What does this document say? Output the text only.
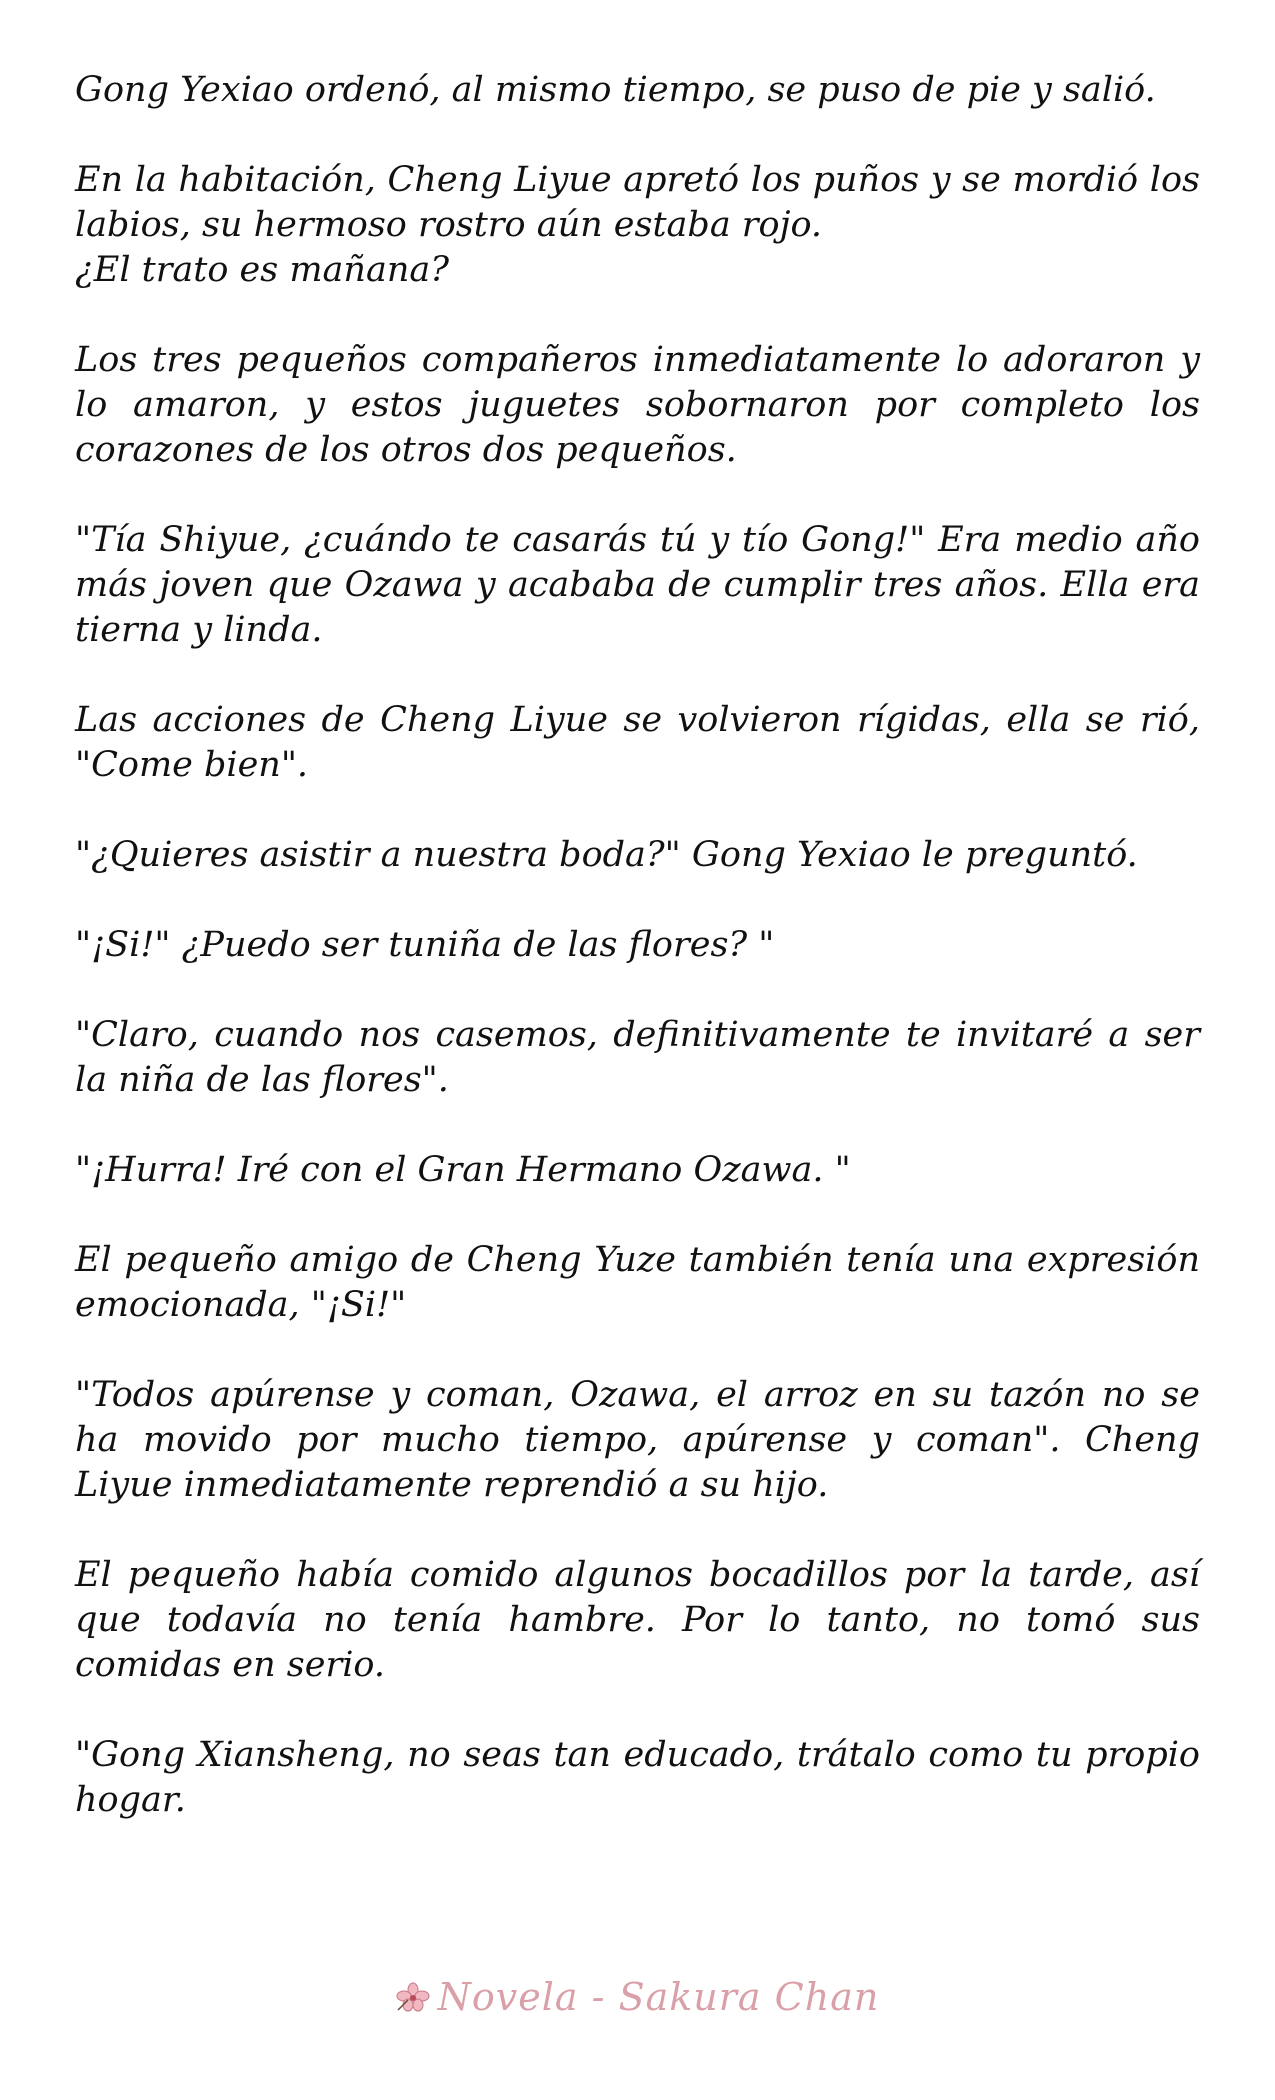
Gong Yexiao ordenó, al mismo tiempo, se puso de pie y salió.

En la habitación, Cheng Liyue apretó los puños y se mordió los labios, su hermoso rostro aún estaba rojo.
¿El trato es mañana?

Los tres pequeños compañeros inmediatamente lo adoraron y lo amaron, y estos juguetes sobornaron por completo los corazones de los otros dos pequeños.

"Tía Shiyue, ¿cuándo te casarás tú y tío Gong!" Era medio año más joven que Ozawa y acababa de cumplir tres años. Ella era tierna y linda.

Las acciones de Cheng Liyue se volvieron rígidas, ella se rió, "Come bien".

"¿Quieres asistir a nuestra boda?" Gong Yexiao le preguntó.

"¡Si!" ¿Puedo ser tuniña de las flores? "

"Claro, cuando nos casemos, definitivamente te invitaré a ser la niña de las flores".

"¡Hurra! Iré con el Gran Hermano Ozawa. "

El pequeño amigo de Cheng Yuze también tenía una expresión emocionada, "¡Si!"

"Todos apúrense y coman, Ozawa, el arroz en su tazón no se ha movido por mucho tiempo, apúrense y coman". Cheng Liyue inmediatamente reprendió a su hijo.

El pequeño había comido algunos bocadillos por la tarde, así que todavía no tenía hambre. Por lo tanto, no tomó sus comidas en serio.

"Gong Xiansheng, no seas tan educado, trátalo como tu propio hogar.

Novela - Sakura Chan
